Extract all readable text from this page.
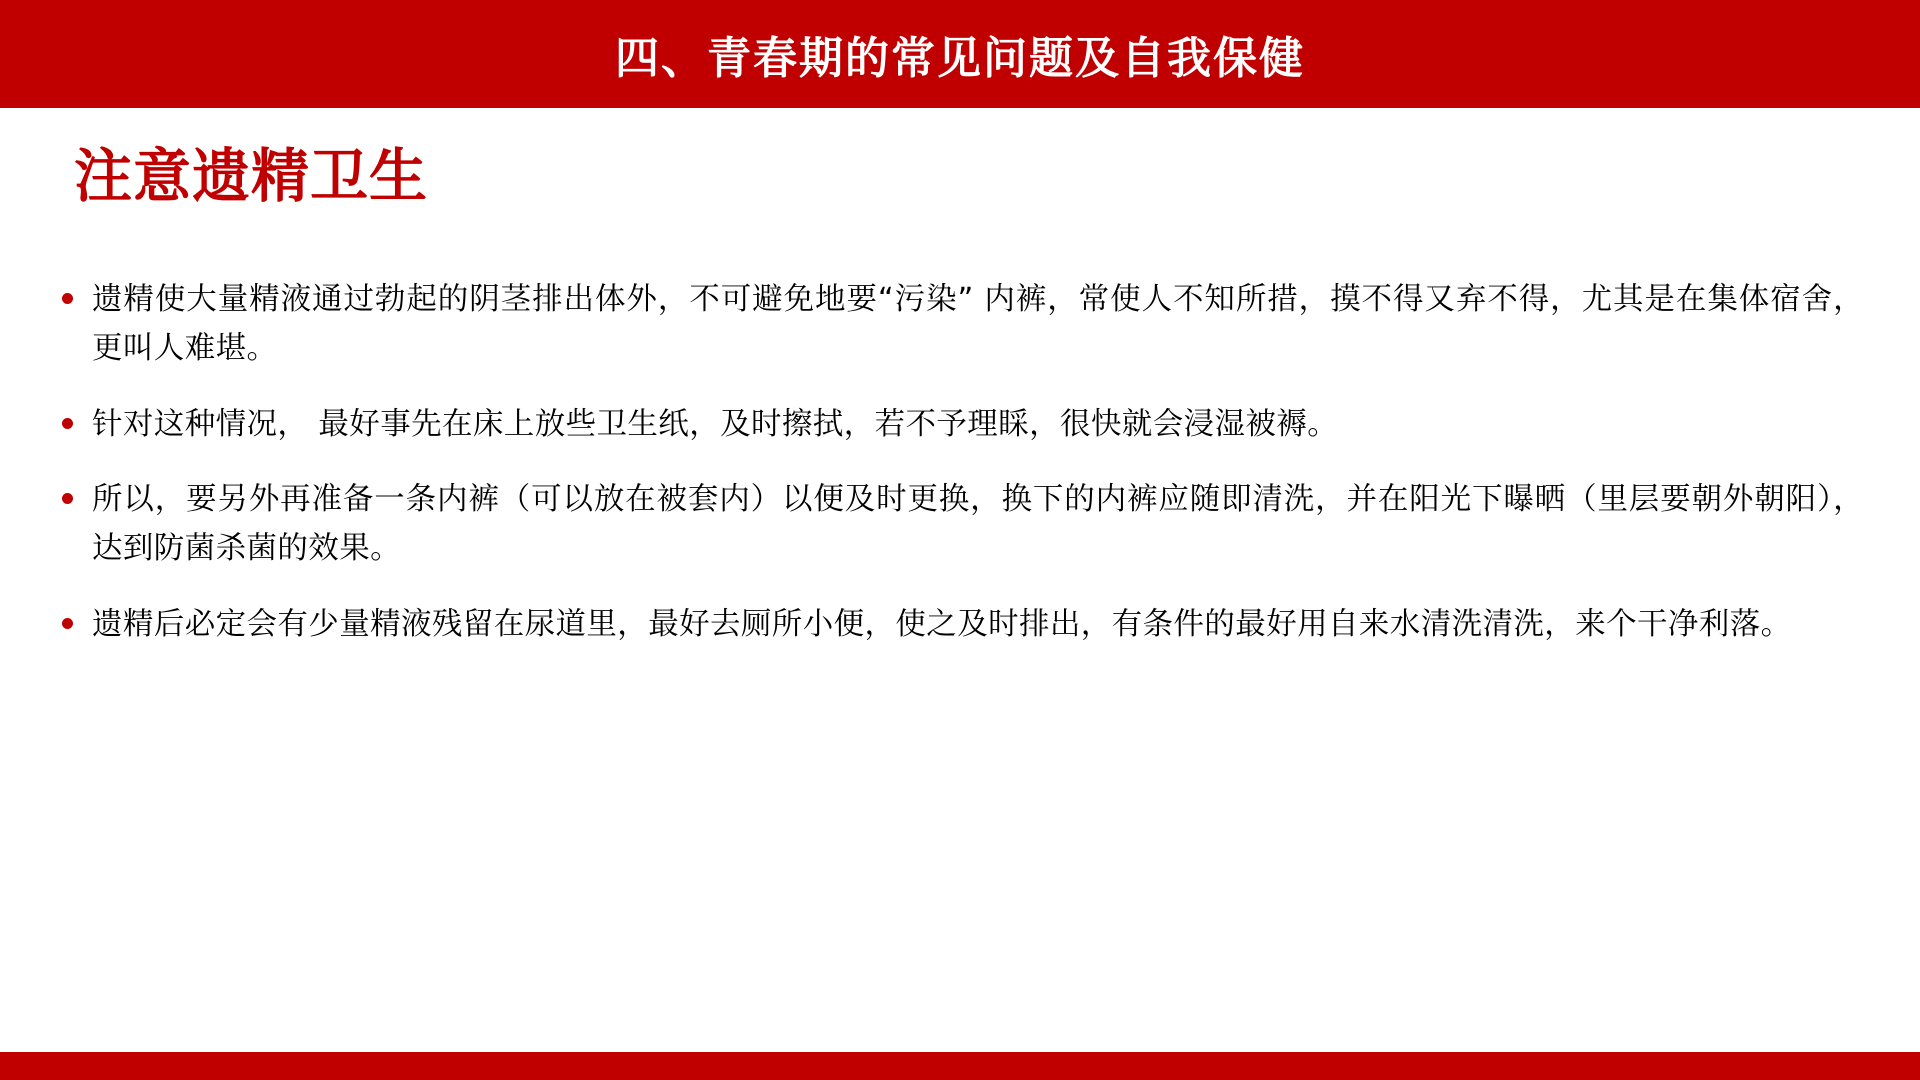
四、青春期的常见问题及自我保健
注意遗精卫生
遗精使大量精液通过勃起的阴茎排出体外，不可避免地要“污染” 内裤，常使人不知所措，摸不得又弃不得，尤其是在集体宿舍，更叫人难堪。
针对这种情况， 最好事先在床上放些卫生纸，及时擦拭，若不予理睬，很快就会浸湿被褥。
所以，要另外再准备一条内裤（可以放在被套内）以便及时更换，换下的内裤应随即清洗，并在阳光下曝晒（里层要朝外朝阳），达到防菌杀菌的效果。
遗精后必定会有少量精液残留在尿道里，最好去厕所小便，使之及时排出，有条件的最好用自来水清洗清洗，来个干净利落。
